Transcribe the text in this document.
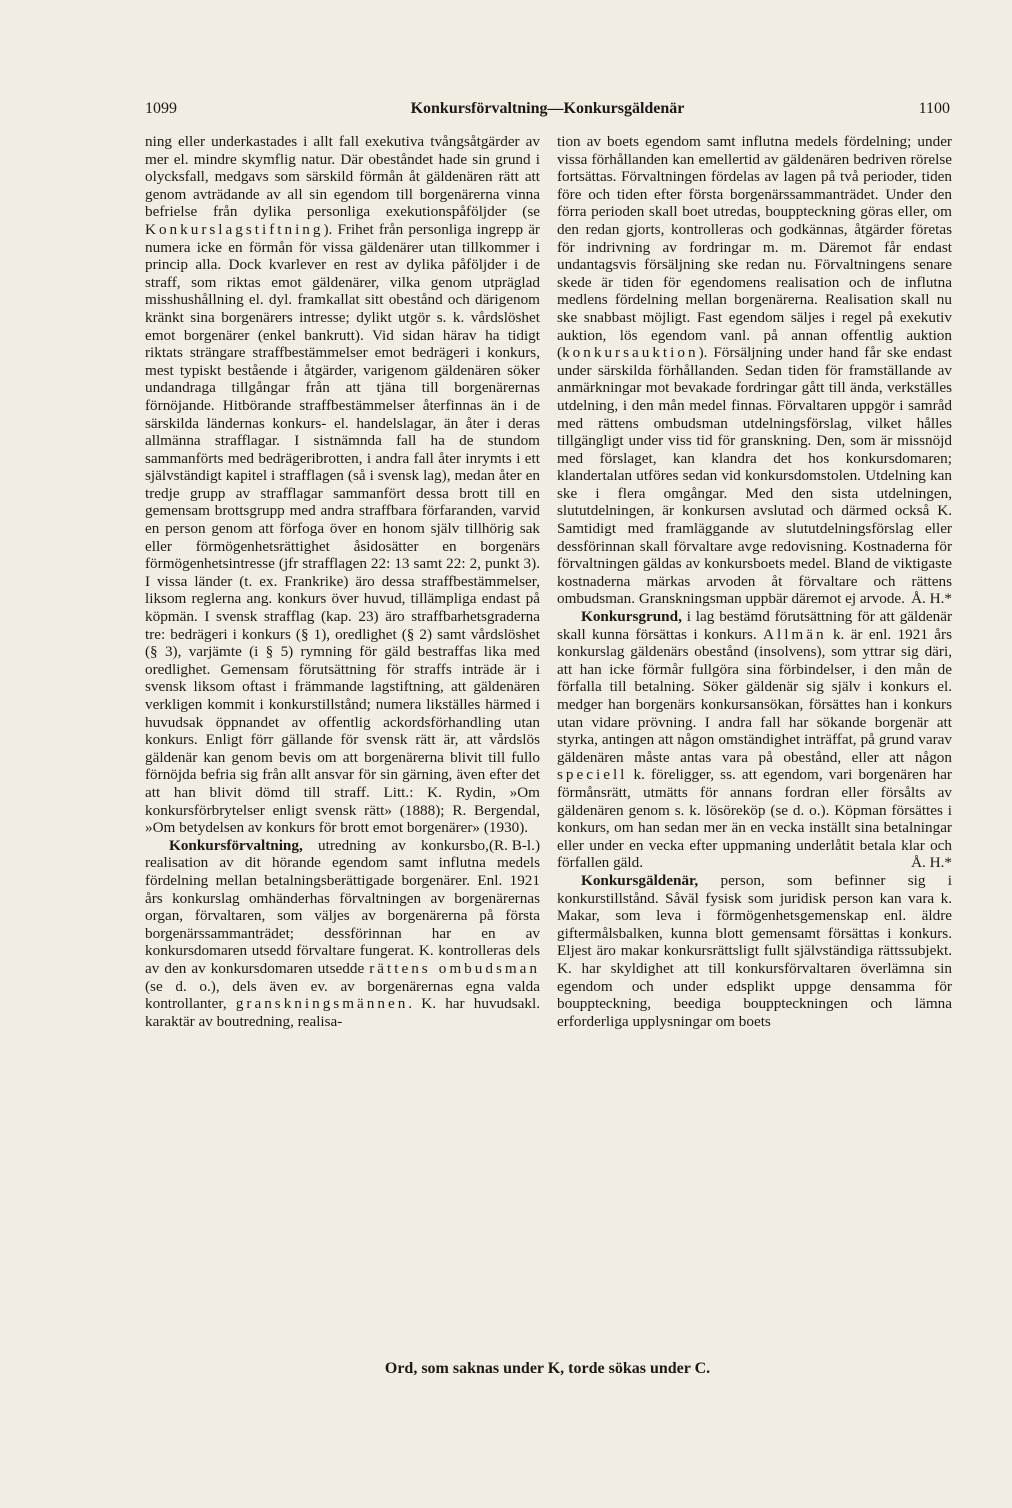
1099	Konkursförvaltning—Konkursgäldenär	1100

ning eller underkastades i allt fall exekutiva tvångsåtgärder av mer el. mindre skymflig natur. Där obeståndet hade sin grund i olycksfall, medgavs som särskild förmån åt gäldenären rätt att genom avträdande av all sin egendom till borgenärerna vinna befrielse från dylika personliga exekutionspåföljder (se Konkurslagstiftning). Frihet från personliga ingrepp är numera icke en förmån för vissa gäldenärer utan tillkommer i princip alla. Dock kvarlever en rest av dylika påföljder i de straff, som riktas emot gäldenärer, vilka genom utpräglad misshushållning el. dyl. framkallat sitt obestånd och därigenom kränkt sina borgenärers intresse; dylikt utgör s. k. vårdslöshet emot borgenärer (enkel bankrutt). Vid sidan härav ha tidigt riktats strängare straffbestämmelser emot bedrägeri i konkurs, mest typiskt bestående i åtgärder, varigenom gäldenären söker undandraga tillgångar från att tjäna till borgenärernas förnöjande. Hitbörande straffbestämmelser återfinnas än i de särskilda ländernas konkurs- el. handelslagar, än åter i deras allmänna strafflagar. I sistnämnda fall ha de stundom sammanförts med bedrägeribrotten, i andra fall åter inrymts i ett självständigt kapitel i strafflagen (så i svensk lag), medan åter en tredje grupp av strafflagar sammanfört dessa brott till en gemensam brottsgrupp med andra straffbara förfaranden, varvid en person genom att förfoga över en honom själv tillhörig sak eller förmögenhetsrättighet åsidosätter en borgenärs förmögenhetsintresse (jfr strafflagen 22: 13 samt 22: 2, punkt 3). I vissa länder (t. ex. Frankrike) äro dessa straffbestämmelser, liksom reglerna ang. konkurs över huvud, tillämpliga endast på köpmän. I svensk strafflag (kap. 23) äro straffbarhetsgraderna tre: bedrägeri i konkurs (§ 1), oredlighet (§ 2) samt vårdslöshet (§ 3), varjämte (i § 5) rymning för gäld bestraffas lika med oredlighet. Gemensam förutsättning för straffs inträde är i svensk liksom oftast i främmande lagstiftning, att gäldenären verkligen kommit i konkurstillstånd; numera likställes härmed i huvudsak öppnandet av offentlig ackordsförhandling utan konkurs. Enligt förr gällande för svensk rätt är, att vårdslös gäldenär kan genom bevis om att borgenärerna blivit till fullo förnöjda befria sig från allt ansvar för sin gärning, även efter det att han blivit dömd till straff. Litt.: K. Rydin, »Om konkursförbrytelser enligt svensk rätt» (1888); R. Bergendal, »Om betydelsen av konkurs för brott emot borgenärer» (1930).
(R. B-l.)

Konkursförvaltning, utredning av konkursbo, realisation av dit hörande egendom samt influtna medels fördelning mellan betalningsberättigade borgenärer. Enl. 1921 års konkurslag omhänderhas förvaltningen av borgenärernas organ, förvaltaren, som väljes av borgenärerna på första borgenärssammanträdet; dessförinnan har en av konkursdomaren utsedd förvaltare fungerat. K. kontrolleras dels av den av konkursdomaren utsedde rättens ombudsman (se d. o.), dels även ev. av borgenärernas egna valda kontrollanter, granskningsmännen. K. har huvudsakl. karaktär av boutredning, realisa-

tion av boets egendom samt influtna medels fördelning; under vissa förhållanden kan emellertid av gäldenären bedriven rörelse fortsättas. Förvaltningen fördelas av lagen på två perioder, tiden före och tiden efter första borgenärssammanträdet. Under den förra perioden skall boet utredas, bouppteckning göras eller, om den redan gjorts, kontrolleras och godkännas, åtgärder företas för indrivning av fordringar m. m. Däremot får endast undantagsvis försäljning ske redan nu. Förvaltningens senare skede är tiden för egendomens realisation och de influtna medlens fördelning mellan borgenärerna. Realisation skall nu ske snabbast möjligt. Fast egendom säljes i regel på exekutiv auktion, lös egendom vanl. på annan offentlig auktion (konkursauktion). Försäljning under hand får ske endast under särskilda förhållanden. Sedan tiden för framställande av anmärkningar mot bevakade fordringar gått till ända, verkställes utdelning, i den mån medel finnas. Förvaltaren uppgör i samråd med rättens ombudsman utdelningsförslag, vilket hålles tillgängligt under viss tid för granskning. Den, som är missnöjd med förslaget, kan klandra det hos konkursdomaren; klandertalan utföres sedan vid konkursdomstolen. Utdelning kan ske i flera omgångar. Med den sista utdelningen, slututdelningen, är konkursen avslutad och därmed också K. Samtidigt med framläggande av slututdelningsförslag eller dessförinnan skall förvaltare avge redovisning. Kostnaderna för förvaltningen gäldas av konkursboets medel. Bland de viktigaste kostnaderna märkas arvoden åt förvaltare och rättens ombudsman. Granskningsman uppbär däremot ej arvode. Å. H.*

Konkursgrund, i lag bestämd förutsättning för att gäldenär skall kunna försättas i konkurs. Allmän k. är enl. 1921 års konkurslag gäldenärs obestånd (insolvens), som yttrar sig däri, att han icke förmår fullgöra sina förbindelser, i den mån de förfalla till betalning. Söker gäldenär sig själv i konkurs el. medger han borgenärs konkursansökan, försättes han i konkurs utan vidare prövning. I andra fall har sökande borgenär att styrka, antingen att någon omständighet inträffat, på grund varav gäldenären måste antas vara på obestånd, eller att någon speciell k. föreligger, ss. att egendom, vari borgenären har förmånsrätt, utmätts för annans fordran eller försålts av gäldenären genom s. k. lösöreköp (se d. o.). Köpman försättes i konkurs, om han sedan mer än en vecka inställt sina betalningar eller under en vecka efter uppmaning underlåtit betala klar och förfallen gäld.	Å. H.*

Konkursgäldenär, person, som befinner sig i konkurstillstånd. Såväl fysisk som juridisk person kan vara k. Makar, som leva i förmögenhetsgemenskap enl. äldre giftermålsbalken, kunna blott gemensamt försättas i konkurs. Eljest äro makar konkursrättsligt fullt självständiga rättssubjekt. K. har skyldighet att till konkursförvaltaren överlämna sin egendom och under edsplikt uppge densamma för bouppteckning, beediga bouppteckningen och lämna erforderliga upplysningar om boets

Ord, som saknas under K, torde sökas under C.
